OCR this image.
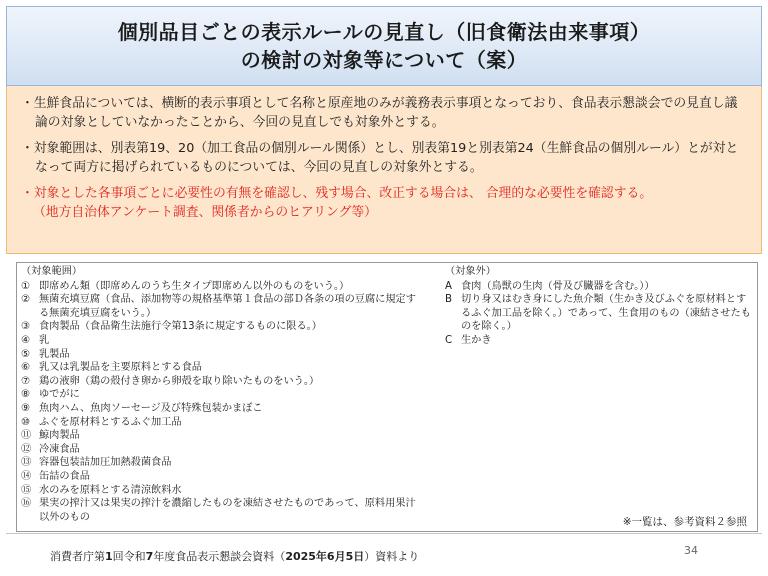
個別品目ごとの表示ルールの見直し（旧食衛法由来事項）
の検討の対象等について（案）
・生鮮食品については、横断的表示事項として名称と原産地のみが義務表示事項となっており、食品表示懇談会での見直し議論の対象としていなかったことから、今回の見直しでも対象外とする。
・対象範囲は、別表第19、20（加工食品の個別ルール関係）とし、別表第19と別表第24（生鮮食品の個別ルール）とが対となって両方に掲げられているものについては、今回の見直しの対象外とする。
・対象とした各事項ごとに必要性の有無を確認し、残す場合、改正する場合は、 合理的な必要性を確認する。
（地方自治体アンケート調査、関係者からのヒアリング等）
（対象範囲）
① 即席めん類（即席めんのうち生タイプ即席めん以外のものをいう。）
② 無菌充填豆腐（食品、添加物等の規格基準第１食品の部Ｄ各条の項の豆腐に規定する無菌充填豆腐をいう。）
③ 食肉製品（食品衛生法施行令第13条に規定するものに限る。）
④ 乳
⑤ 乳製品
⑥ 乳又は乳製品を主要原料とする食品
⑦ 鶏の液卵（鶏の殻付き卵から卵殻を取り除いたものをいう。）
⑧ ゆでがに
⑨ 魚肉ハム、魚肉ソーセージ及び特殊包装かまぼこ
⑩ ふぐを原材料とするふぐ加工品
⑪ 鯨肉製品
⑫ 冷凍食品
⑬ 容器包装詰加圧加熱殺菌食品
⑭ 缶詰の食品
⑮ 水のみを原料とする清涼飲料水
⑯ 果実の搾汁又は果実の搾汁を濃縮したものを凍結させたものであって、原料用果汁以外のもの
（対象外）
A 食肉（鳥獣の生肉（骨及び臓器を含む。））
B 切り身又はむき身にした魚介類（生かき及びふぐを原材料とするふぐ加工品を除く。）であって、生食用のもの（凍結させたものを除く。）
C 生かき
※一覧は、参考資料２参照
消費者庁第1回令和7年度食品表示懇談会資料（2025年6月5日）資料より	34
